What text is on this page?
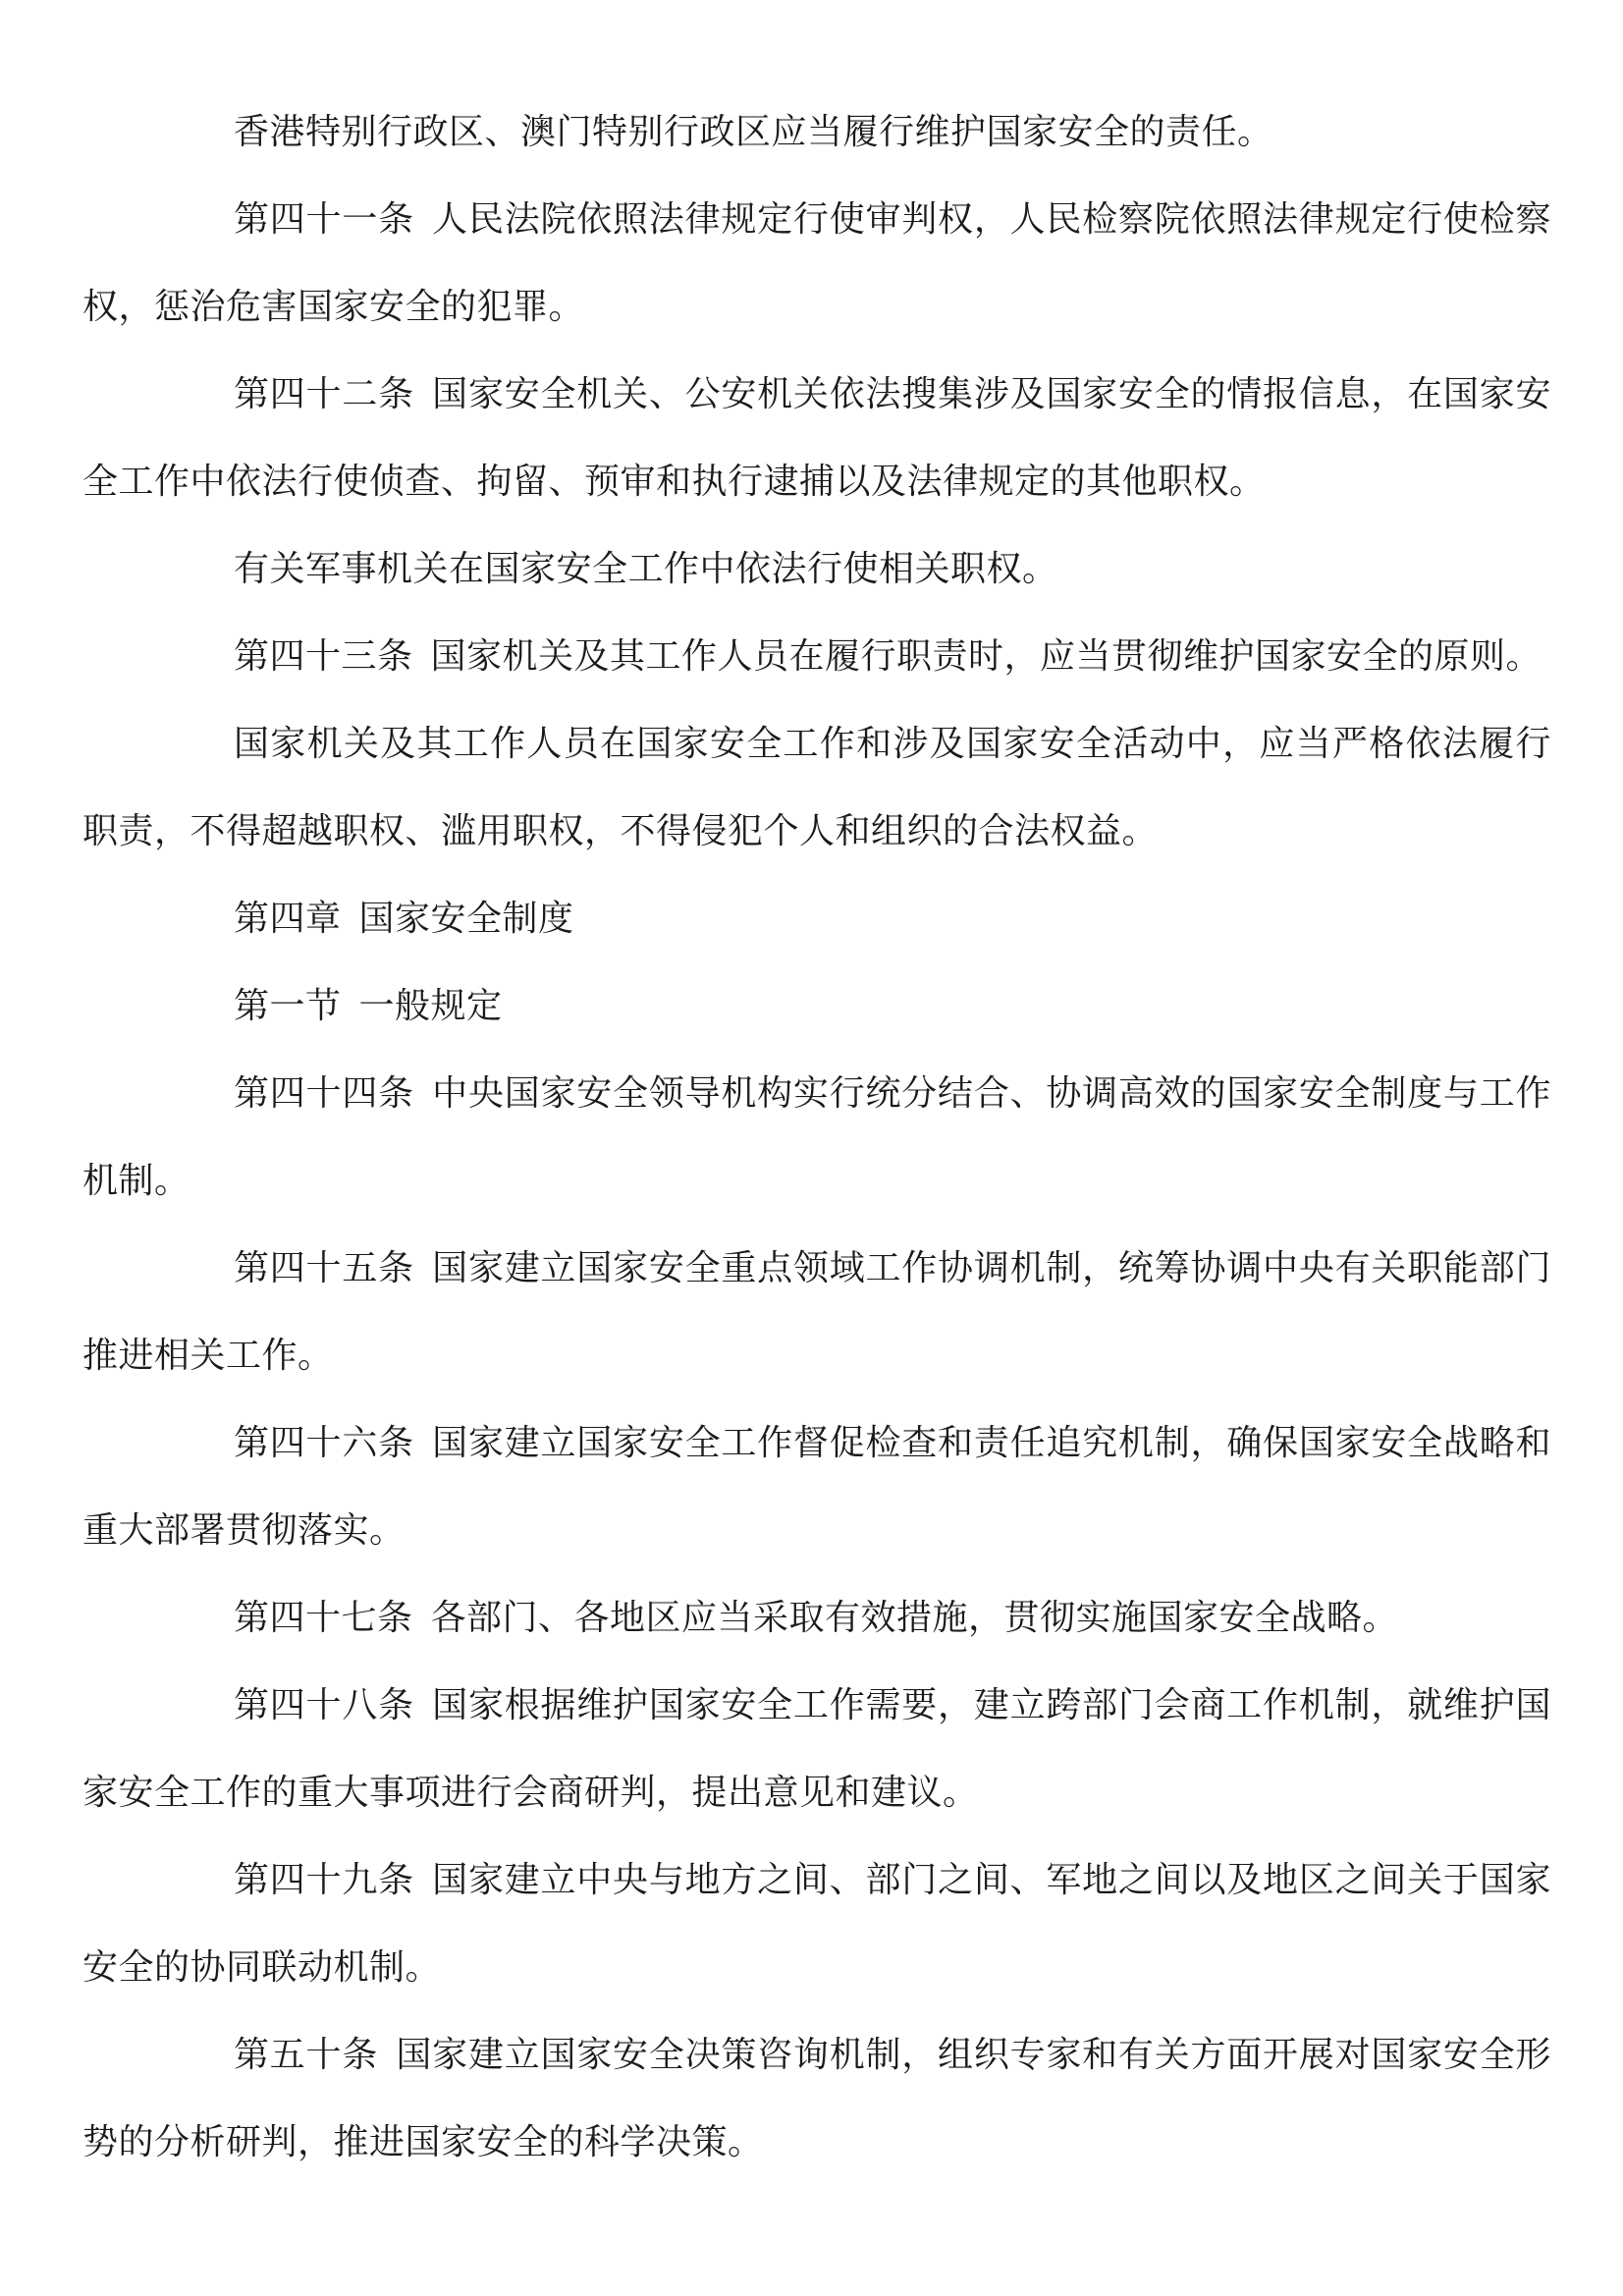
香港特别行政区、澳门特别行政区应当履行维护国家安全的责任。

第四十一条 人民法院依照法律规定行使审判权，人民检察院依照法律规定行使检察权，惩治危害国家安全的犯罪。

第四十二条 国家安全机关、公安机关依法搜集涉及国家安全的情报信息，在国家安全工作中依法行使侦查、拘留、预审和执行逮捕以及法律规定的其他职权。

有关军事机关在国家安全工作中依法行使相关职权。

第四十三条 国家机关及其工作人员在履行职责时，应当贯彻维护国家安全的原则。

国家机关及其工作人员在国家安全工作和涉及国家安全活动中，应当严格依法履行职责，不得超越职权、滥用职权，不得侵犯个人和组织的合法权益。

第四章 国家安全制度

第一节 一般规定

第四十四条 中央国家安全领导机构实行统分结合、协调高效的国家安全制度与工作机制。

第四十五条 国家建立国家安全重点领域工作协调机制，统筹协调中央有关职能部门推进相关工作。

第四十六条 国家建立国家安全工作督促检查和责任追究机制，确保国家安全战略和重大部署贯彻落实。

第四十七条 各部门、各地区应当采取有效措施，贯彻实施国家安全战略。

第四十八条 国家根据维护国家安全工作需要，建立跨部门会商工作机制，就维护国家安全工作的重大事项进行会商研判，提出意见和建议。

第四十九条 国家建立中央与地方之间、部门之间、军地之间以及地区之间关于国家安全的协同联动机制。

第五十条 国家建立国家安全决策咨询机制，组织专家和有关方面开展对国家安全形势的分析研判，推进国家安全的科学决策。
